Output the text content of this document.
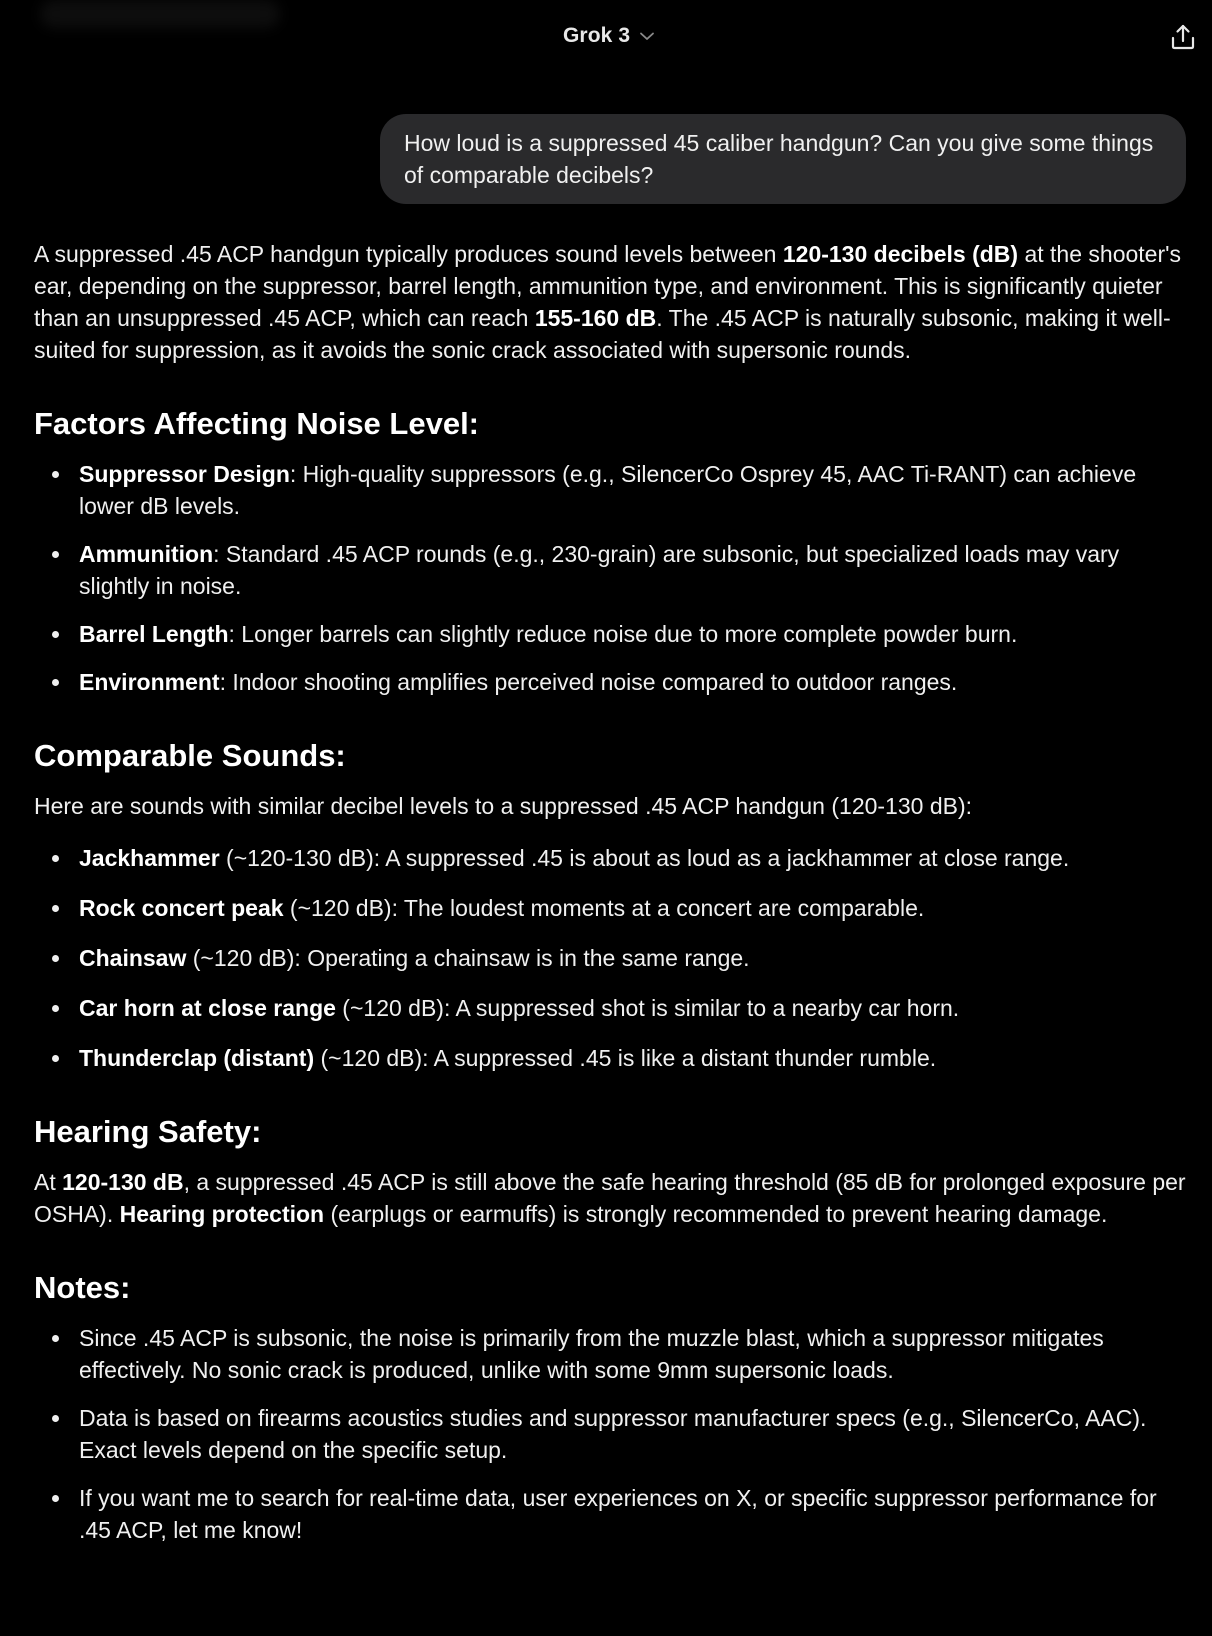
Grok 3
How loud is a suppressed 45 caliber handgun? Can you give some things of comparable decibels?

A suppressed .45 ACP handgun typically produces sound levels between 120-130 decibels (dB) at the shooter's ear, depending on the suppressor, barrel length, ammunition type, and environment. This is significantly quieter than an unsuppressed .45 ACP, which can reach 155-160 dB. The .45 ACP is naturally subsonic, making it well-suited for suppression, as it avoids the sonic crack associated with supersonic rounds.

Factors Affecting Noise Level:
Suppressor Design: High-quality suppressors (e.g., SilencerCo Osprey 45, AAC Ti-RANT) can achieve lower dB levels.
Ammunition: Standard .45 ACP rounds (e.g., 230-grain) are subsonic, but specialized loads may vary slightly in noise.
Barrel Length: Longer barrels can slightly reduce noise due to more complete powder burn.
Environment: Indoor shooting amplifies perceived noise compared to outdoor ranges.
Comparable Sounds:

Here are sounds with similar decibel levels to a suppressed .45 ACP handgun (120-130 dB):

Jackhammer (~120-130 dB): A suppressed .45 is about as loud as a jackhammer at close range.
Rock concert peak (~120 dB): The loudest moments at a concert are comparable.
Chainsaw (~120 dB): Operating a chainsaw is in the same range.
Car horn at close range (~120 dB): A suppressed shot is similar to a nearby car horn.
Thunderclap (distant) (~120 dB): A suppressed .45 is like a distant thunder rumble.
Hearing Safety:

At 120-130 dB, a suppressed .45 ACP is still above the safe hearing threshold (85 dB for prolonged exposure per OSHA). Hearing protection (earplugs or earmuffs) is strongly recommended to prevent hearing damage.

Notes:
Since .45 ACP is subsonic, the noise is primarily from the muzzle blast, which a suppressor mitigates effectively. No sonic crack is produced, unlike with some 9mm supersonic loads.
Data is based on firearms acoustics studies and suppressor manufacturer specs (e.g., SilencerCo, AAC). Exact levels depend on the specific setup.
If you want me to search for real-time data, user experiences on X, or specific suppressor performance for .45 ACP, let me know!
